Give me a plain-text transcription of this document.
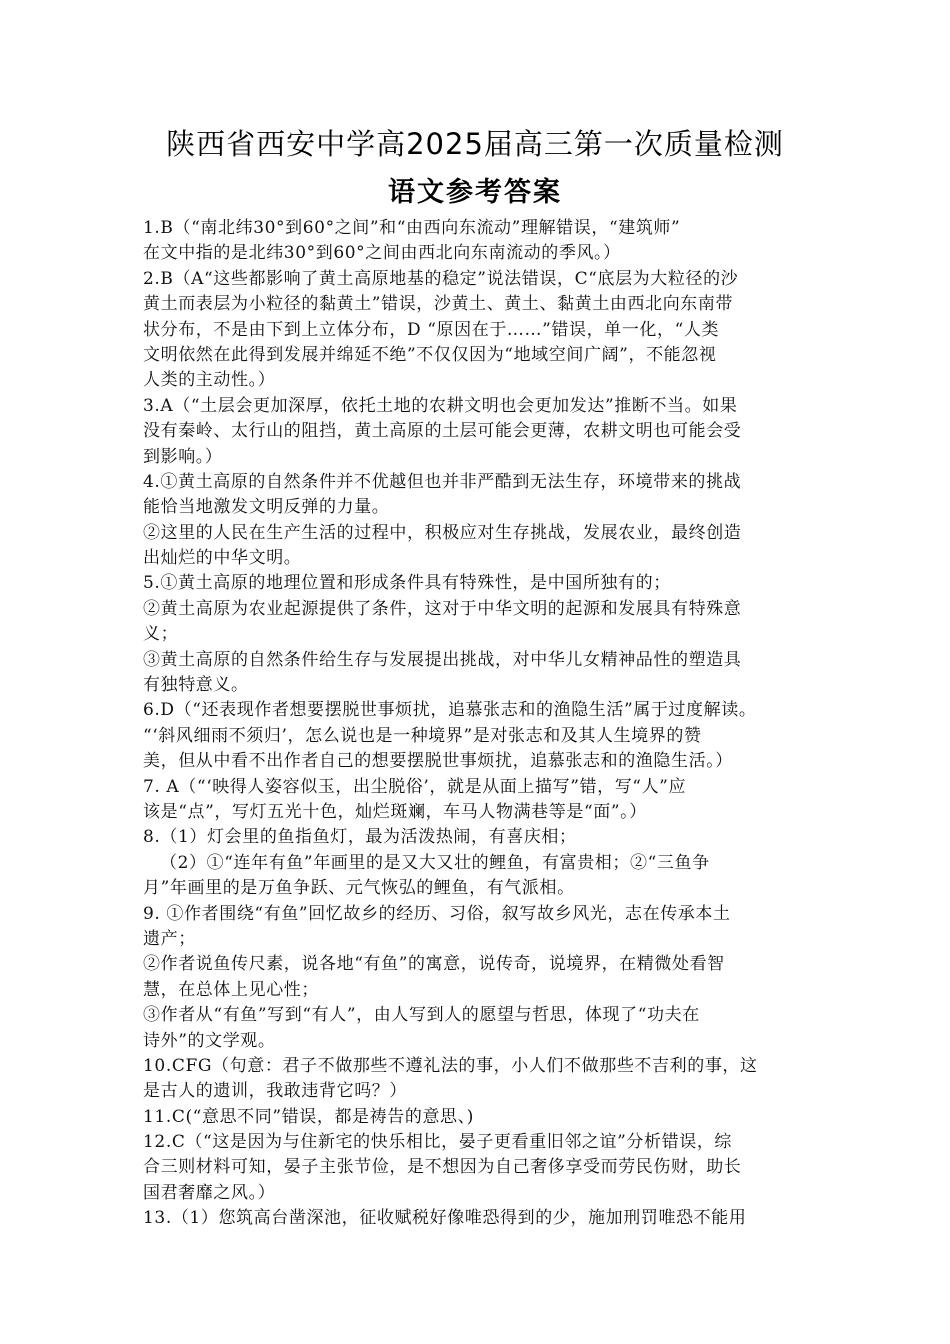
陕西省西安中学高2025届高三第一次质量检测
语文参考答案
1.B（“南北纬30°到60°之间”和“由西向东流动”理解错误，“建筑师”
在文中指的是北纬30°到60°之间由西北向东南流动的季风。）
2.B（A“这些都影响了黄土高原地基的稳定”说法错误，C“底层为大粒径的沙
黄土而表层为小粒径的黏黄土”错误，沙黄土、黄土、黏黄土由西北向东南带
状分布，不是由下到上立体分布，D “原因在于……”错误，单一化，“人类
文明依然在此得到发展并绵延不绝”不仅仅因为“地域空间广阔”，不能忽视
人类的主动性。）
3.A（“土层会更加深厚，依托土地的农耕文明也会更加发达”推断不当。如果
没有秦岭、太行山的阻挡，黄土高原的土层可能会更薄，农耕文明也可能会受
到影响。）
4.①黄土高原的自然条件并不优越但也并非严酷到无法生存，环境带来的挑战
能恰当地激发文明反弹的力量。
②这里的人民在生产生活的过程中，积极应对生存挑战，发展农业，最终创造
出灿烂的中华文明。
5.①黄土高原的地理位置和形成条件具有特殊性，是中国所独有的；
②黄土高原为农业起源提供了条件，这对于中华文明的起源和发展具有特殊意
义；
③黄土高原的自然条件给生存与发展提出挑战，对中华儿女精神品性的塑造具
有独特意义。
6.D（“还表现作者想要摆脱世事烦扰，追慕张志和的渔隐生活”属于过度解读。
“‘斜风细雨不须归’，怎么说也是一种境界”是对张志和及其人生境界的赞
美，但从中看不出作者自己的想要摆脱世事烦扰，追慕张志和的渔隐生活。）
7. A（“‘映得人姿容似玉，出尘脱俗’，就是从面上描写”错，写“人”应
该是“点”，写灯五光十色，灿烂斑斓，车马人物满巷等是“面”。）
8.（1）灯会里的鱼指鱼灯，最为活泼热闹，有喜庆相；
（2）①“连年有鱼”年画里的是又大又壮的鲤鱼，有富贵相；②“三鱼争
月”年画里的是万鱼争跃、元气恢弘的鲤鱼，有气派相。
9. ①作者围绕“有鱼”回忆故乡的经历、习俗，叙写故乡风光，志在传承本土
遗产；
②作者说鱼传尺素，说各地“有鱼”的寓意，说传奇，说境界，在精微处看智
慧，在总体上见心性；
③作者从“有鱼”写到“有人”，由人写到人的愿望与哲思，体现了“功夫在
诗外”的文学观。
10.CFG（句意：君子不做那些不遵礼法的事，小人们不做那些不吉利的事，这
是古人的遗训，我敢违背它吗？）
11.C(“意思不同”错误，都是祷告的意思、)
12.C（“这是因为与住新宅的快乐相比，晏子更看重旧邻之谊”分析错误，综
合三则材料可知，晏子主张节俭，是不想因为自己奢侈享受而劳民伤财，助长
国君奢靡之风。）
13.（1）您筑高台凿深池，征收赋税好像唯恐得到的少，施加刑罚唯恐不能用
